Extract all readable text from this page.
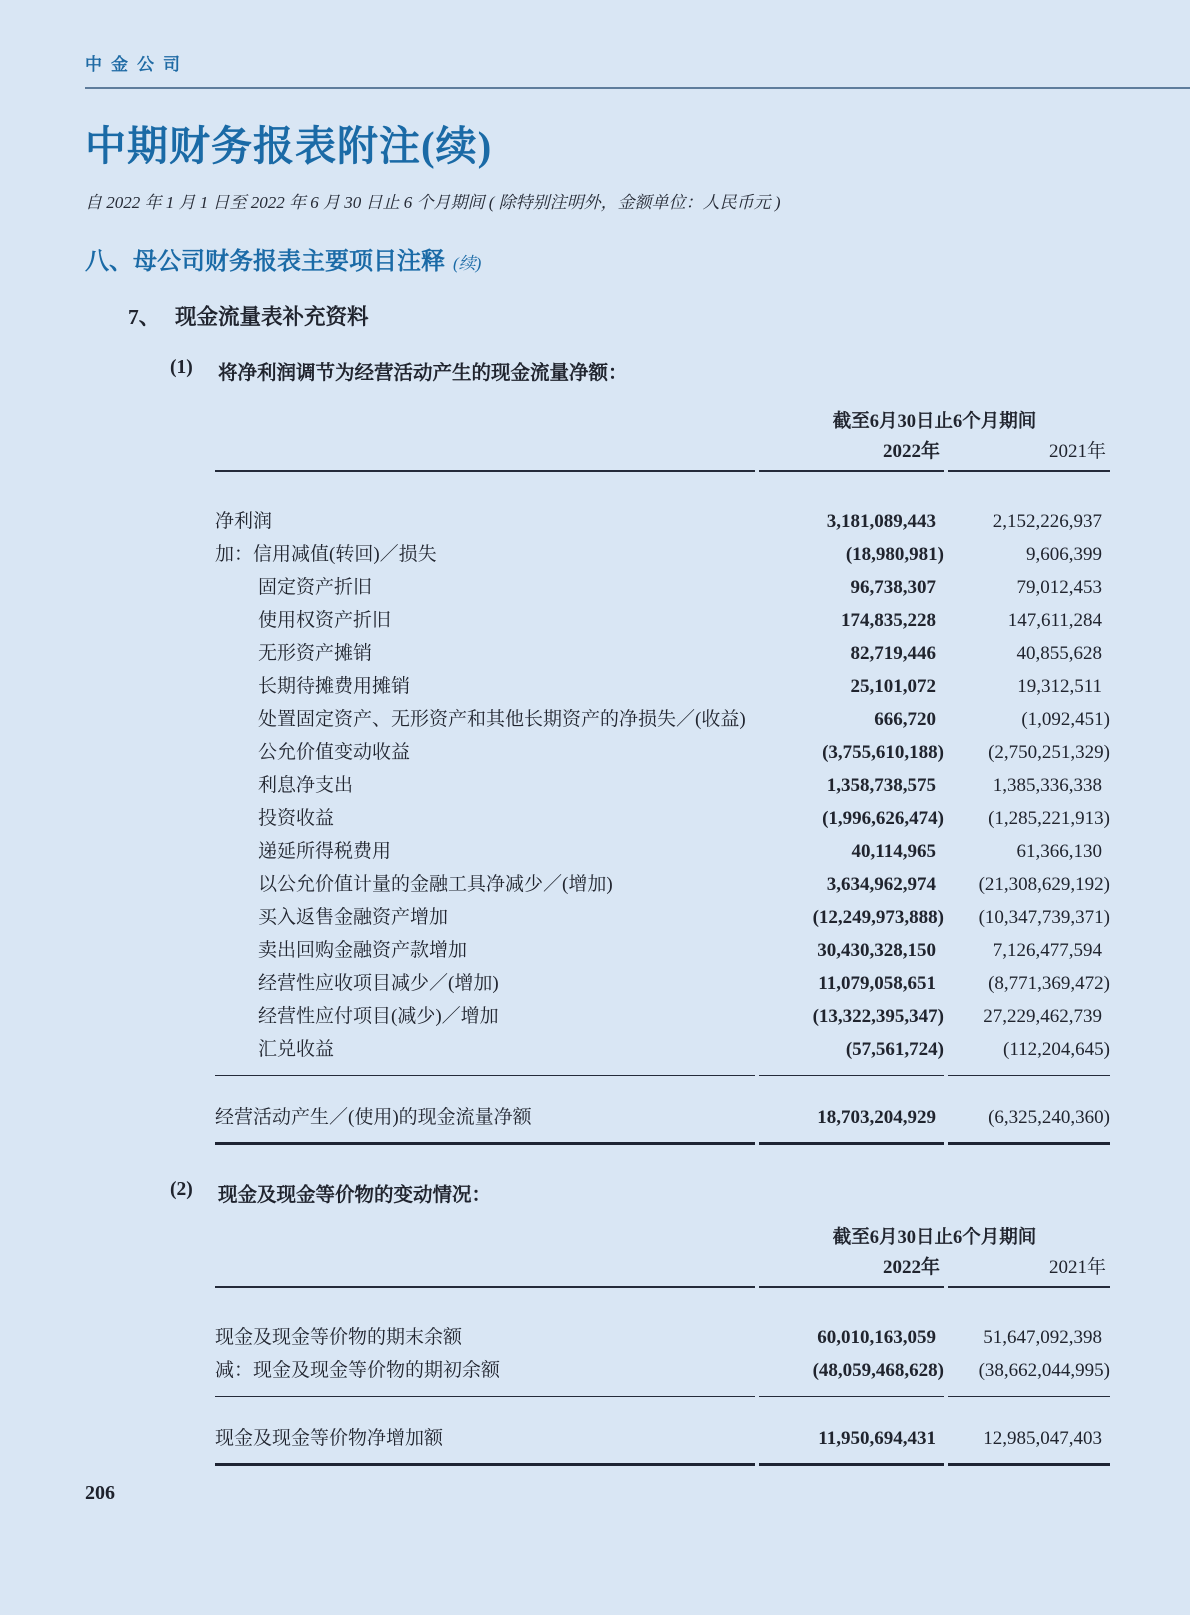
中金公司
中期财务报表附注(续)

自 2022 年 1 月 1 日至 2022 年 6 月 30 日止 6 个月期间 ( 除特别注明外，金额单位：人民币元 )

八、母公司财务报表主要项目注释 (续)
7、 现金流量表补充资料
(1)	将净利润调节为经营活动产生的现金流量净额：
截至6月30日止6个月期间
2022年	2021年
净利润	3,181,089,443	2,152,226,937
加：信用减值(转回)／损失	(18,980,981)	9,606,399
固定资产折旧	96,738,307	79,012,453
使用权资产折旧	174,835,228	147,611,284
无形资产摊销	82,719,446	40,855,628
长期待摊费用摊销	25,101,072	19,312,511
处置固定资产、无形资产和其他长期资产的净损失／(收益)	666,720	(1,092,451)
公允价值变动收益	(3,755,610,188)	(2,750,251,329)
利息净支出	1,358,738,575	1,385,336,338
投资收益	(1,996,626,474)	(1,285,221,913)
递延所得税费用	40,114,965	61,366,130
以公允价值计量的金融工具净减少／(增加)	3,634,962,974	(21,308,629,192)
买入返售金融资产增加	(12,249,973,888)	(10,347,739,371)
卖出回购金融资产款增加	30,430,328,150	7,126,477,594
经营性应收项目减少／(增加)	11,079,058,651	(8,771,369,472)
经营性应付项目(减少)／增加	(13,322,395,347)	27,229,462,739
汇兑收益	(57,561,724)	(112,204,645)
经营活动产生／(使用)的现金流量净额	18,703,204,929	(6,325,240,360)
(2)	现金及现金等价物的变动情况：
截至6月30日止6个月期间
2022年	2021年
现金及现金等价物的期末余额	60,010,163,059	51,647,092,398
减：现金及现金等价物的期初余额	(48,059,468,628)	(38,662,044,995)
现金及现金等价物净增加额	11,950,694,431	12,985,047,403
206
